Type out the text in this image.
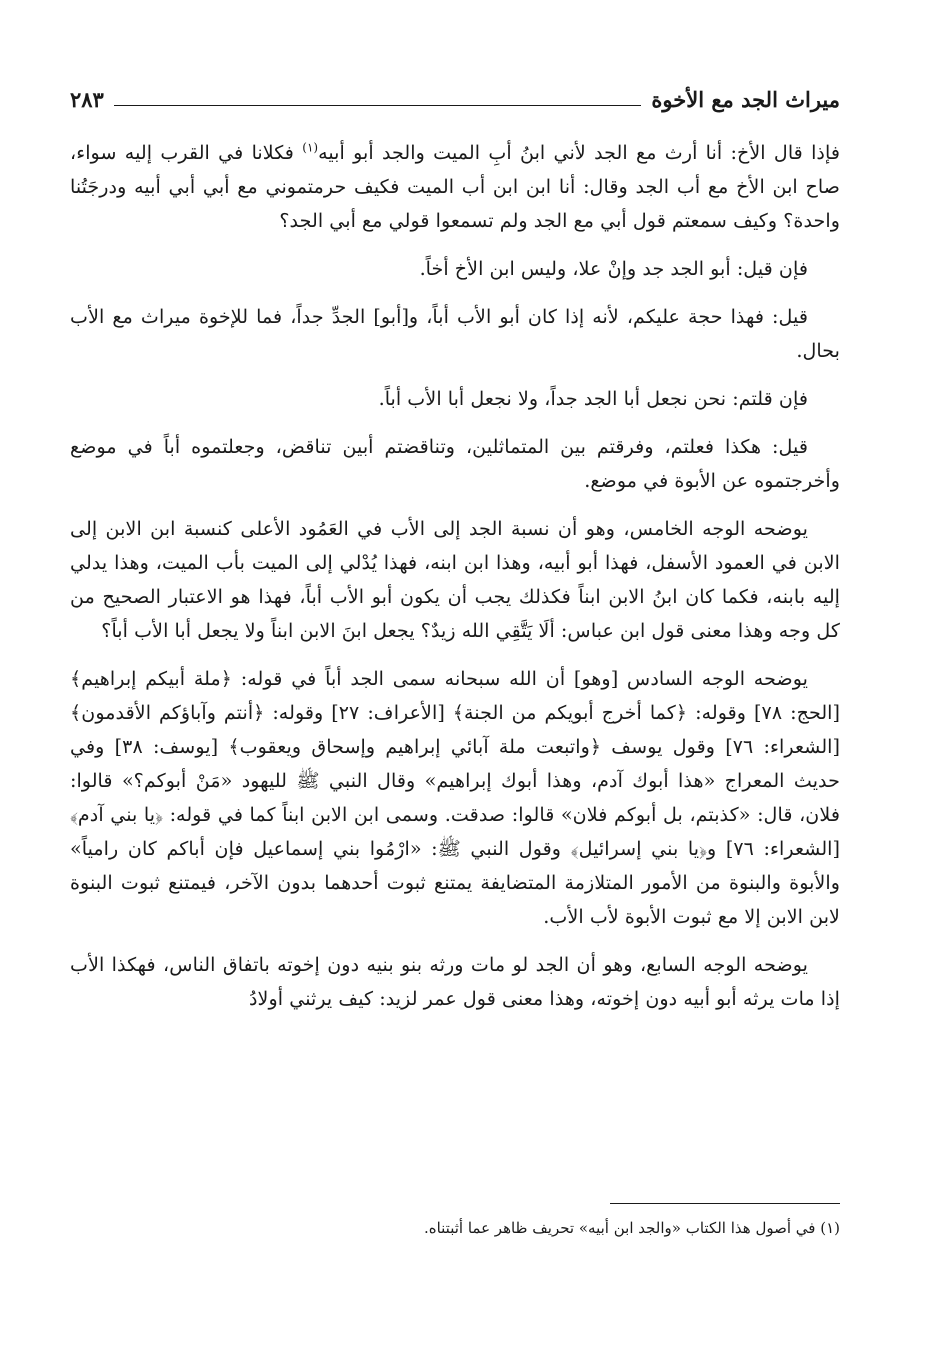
ميراث الجد مع الأخوة
٢٨٣

فإذا قال الأخ: أنا أرث مع الجد لأني ابنُ أبِ الميت والجد أبو أبيه$^{(١)}$ فكلانا في القرب إليه سواء، صاح ابن الأخ مع أب الجد وقال: أنا ابن ابن أب الميت فكيف حرمتموني مع أبي أبي أبيه ودرجَتُنا واحدة؟ وكيف سمعتم قول أبي مع الجد ولم تسمعوا قولي مع أبي الجد؟

فإن قيل: أبو الجد جد وإنْ علا، وليس ابن الأخ أخاً.

قيل: فهذا حجة عليكم، لأنه إذا كان أبو الأب أباً، و[أبو] الجدِّ جداً، فما للإخوة ميراث مع الأب بحال.

فإن قلتم: نحن نجعل أبا الجد جداً، ولا نجعل أبا الأب أباً.

قيل: هكذا فعلتم، وفرقتم بين المتماثلين، وتناقضتم أبين تناقض، وجعلتموه أباً في موضع وأخرجتموه عن الأبوة في موضع.

يوضحه الوجه الخامس، وهو أن نسبة الجد إلى الأب في العَمُود الأعلى كنسبة ابن الابن إلى الابن في العمود الأسفل، فهذا أبو أبيه، وهذا ابن ابنه، فهذا يُدْلي إلى الميت بأب الميت، وهذا يدلي إليه بابنه، فكما كان ابنُ الابن ابناً فكذلك يجب أن يكون أبو الأب أباً، فهذا هو الاعتبار الصحيح من كل وجه وهذا معنى قول ابن عباس: ألَا يَتَّقِي الله زيدٌ؟ يجعل ابنَ الابن ابناً ولا يجعل أبا الأب أباً؟

يوضحه الوجه السادس [وهو] أن الله سبحانه سمى الجد أباً في قوله: ﴿ملة أبيكم إبراهيم﴾ [الحج: ٧٨] وقوله: ﴿كما أخرج أبويكم من الجنة﴾ [الأعراف: ٢٧] وقوله: ﴿أنتم وآباؤكم الأقدمون﴾ [الشعراء: ٧٦] وقول يوسف ﴿واتبعت ملة آبائي إبراهيم وإسحاق ويعقوب﴾ [يوسف: ٣٨] وفي حديث المعراج «هذا أبوك آدم، وهذا أبوك إبراهيم» وقال النبي ﷺ لليهود «مَنْ أبوكم؟» قالوا: فلان، قال: «كذبتم، بل أبوكم فلان» قالوا: صدقت. وسمى ابن الابن ابناً كما في قوله: ﴿يا بني آدم﴾ [الشعراء: ٧٦] و﴿يا بني إسرائيل﴾ وقول النبي ﷺ: «ارْمُوا بني إسماعيل فإن أباكم كان رامياً» والأبوة والبنوة من الأمور المتلازمة المتضايفة يمتنع ثبوت أحدهما بدون الآخر، فيمتنع ثبوت البنوة لابن الابن إلا مع ثبوت الأبوة لأب الأب.

يوضحه الوجه السابع، وهو أن الجد لو مات ورثه بنو بنيه دون إخوته باتفاق الناس، فهكذا الأب إذا مات يرثه أبو أبيه دون إخوته، وهذا معنى قول عمر لزيد: كيف يرثني أولادُ

(١) في أصول هذا الكتاب «والجد ابن أبيه» تحريف ظاهر عما أثبتناه.
